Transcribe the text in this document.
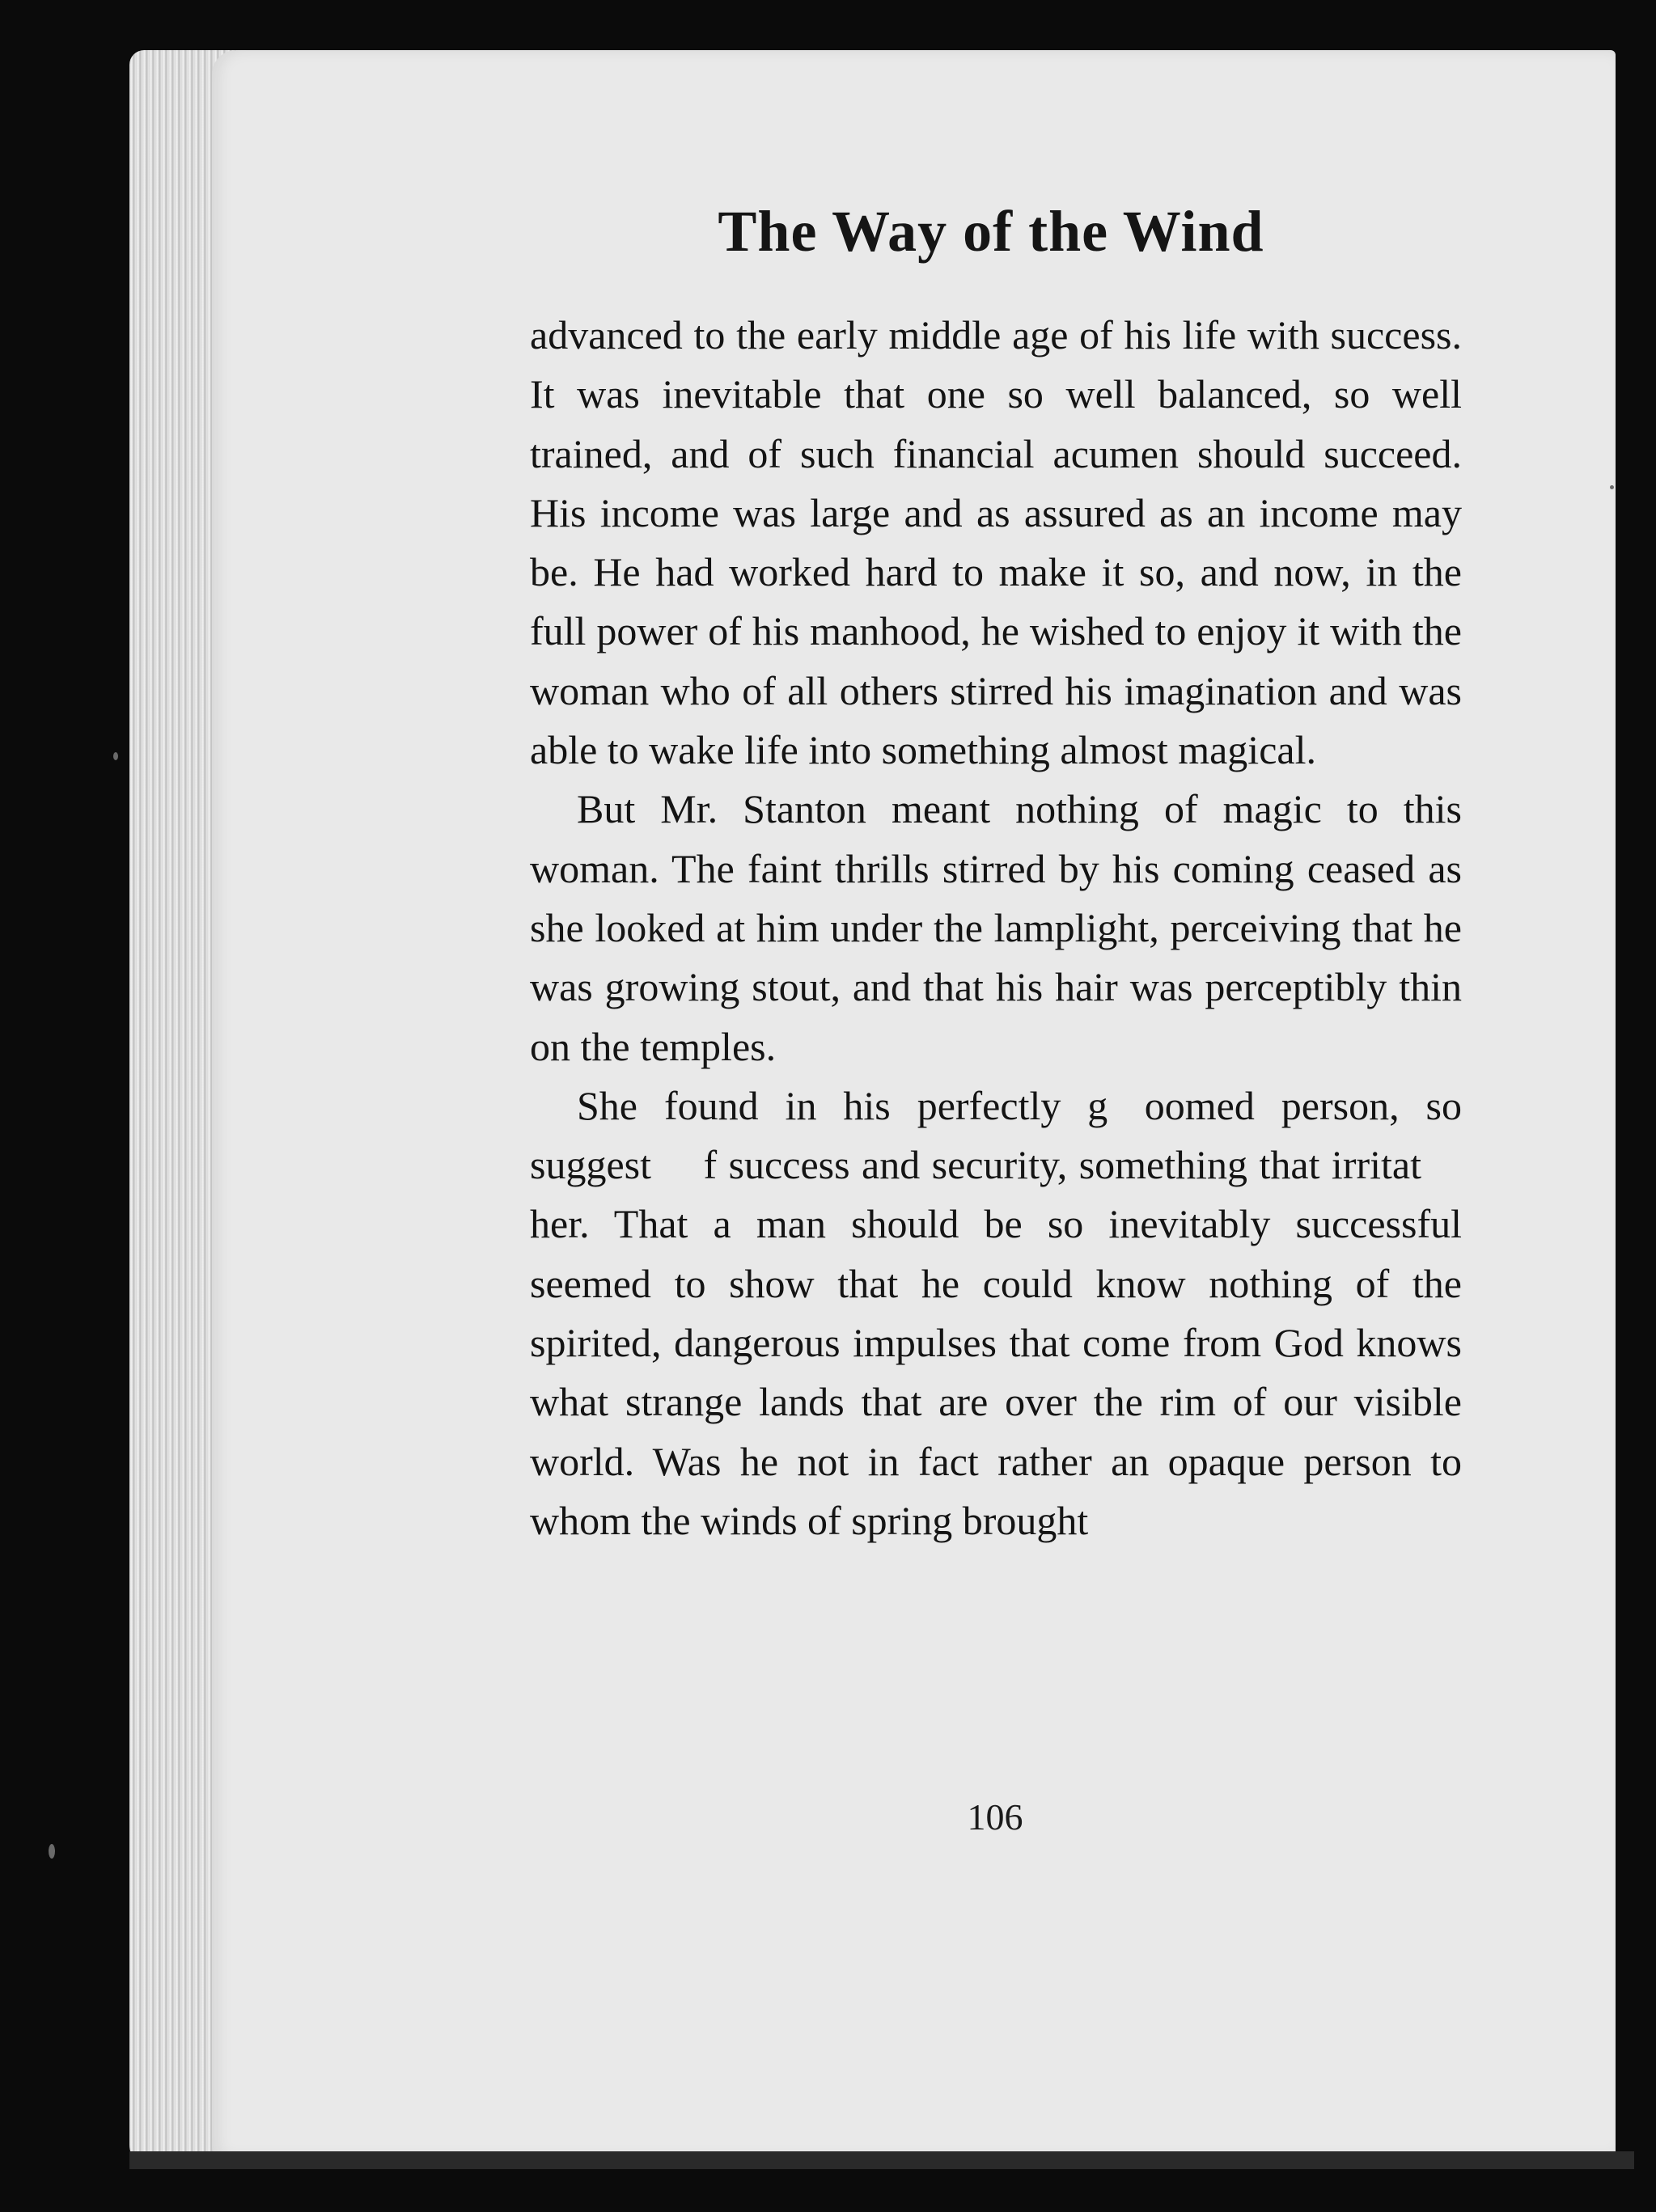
The Way of the Wind

advanced to the early middle age of his life with success. It was inevitable that one so well balanced, so well trained, and of such financial acumen should succeed. His income was large and as assured as an income may be. He had worked hard to make it so, and now, in the full power of his manhood, he wished to enjoy it with the woman who of all others stirred his imagination and was able to wake life into something almost magical.

But Mr. Stanton meant nothing of magic to this woman. The faint thrills stirred by his coming ceased as she looked at him under the lamplight, perceiving that he was growing stout, and that his hair was perceptibly thin on the temples.

She found in his perfectly g  oomed person, so suggest  f success and security, something that irritat  her. That a man should be so inevitably successful seemed to show that he could know nothing of the spirited, dangerous impulses that come from God knows what strange lands that are over the rim of our visible world. Was he not in fact rather an opaque person to whom the winds of spring brought

106
